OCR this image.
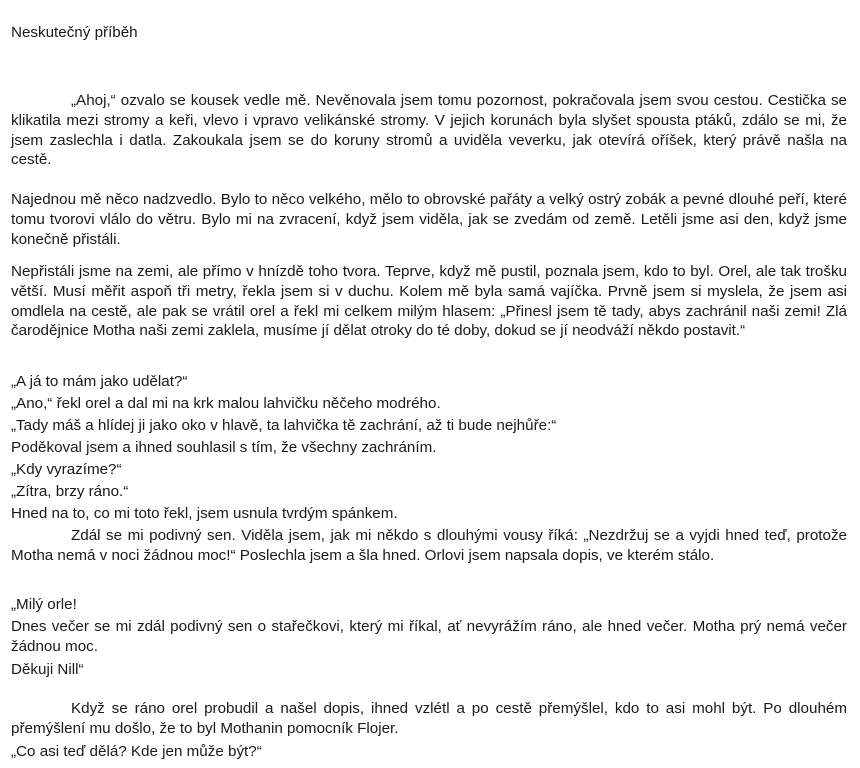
Neskutečný příběh
„Ahoj,“ ozvalo se kousek vedle mě. Nevěnovala jsem tomu pozornost, pokračovala jsem svou cestou. Cestička se klikatila mezi stromy a keři, vlevo i vpravo velikánské stromy. V jejich korunách byla slyšet spousta ptáků, zdálo se mi, že jsem zaslechla i datla. Zakoukala jsem se do koruny stromů a uviděla veverku, jak otevírá oříšek, který právě našla na cestě.
Najednou mě něco nadzvedlo. Bylo to něco velkého, mělo to obrovské pařáty a velký ostrý zobák a pevné dlouhé peří, které tomu tvorovi vlálo do větru. Bylo mi na zvracení, když jsem viděla, jak se zvedám od země. Letěli jsme asi den, když jsme konečně přistáli.
Nepřistáli jsme na zemi, ale přímo v hnízdě toho tvora. Teprve, když mě pustil, poznala jsem, kdo to byl. Orel, ale tak trošku větší. Musí měřit aspoň tři metry, řekla jsem si v duchu. Kolem mě byla samá vajíčka. Prvně jsem si myslela, že jsem asi omdlela na cestě, ale pak se vrátil orel a řekl mi celkem milým hlasem: „Přinesl jsem tě tady, abys zachránil naši zemi! Zlá čarodějnice Motha naši zemi zaklela, musíme jí dělat otroky do té doby, dokud se jí neodváží někdo postavit.“
„A já to mám jako udělat?“
„Ano,“ řekl orel a dal mi na krk malou lahvičku něčeho modrého.
„Tady máš a hlídej ji jako oko v hlavě, ta lahvička tě zachrání, až ti bude nejhůře:“
Poděkoval jsem a ihned souhlasil s tím, že všechny zachráním.
„Kdy vyrazíme?“
„Zítra, brzy ráno.“
Hned na to, co mi toto řekl, jsem usnula tvrdým spánkem.
Zdál se mi podivný sen. Viděla jsem, jak mi někdo s dlouhými vousy říká: „Nezdržuj se a vyjdi hned teď, protože Motha nemá v noci žádnou moc!“ Poslechla jsem a šla hned. Orlovi jsem napsala dopis, ve kterém stálo.
„Milý orle!
Dnes večer se mi zdál podivný sen o stařečkovi, který mi říkal, ať nevyrážím ráno, ale hned večer. Motha prý nemá večer žádnou moc.
Děkuji Nill“
Když se ráno orel probudil a našel dopis, ihned vzlétl a po cestě přemýšlel, kdo to asi mohl být. Po dlouhém přemýšlení mu došlo, že to byl Mothanin pomocník Flojer.
„Co asi teď dělá? Kde jen může být?“
